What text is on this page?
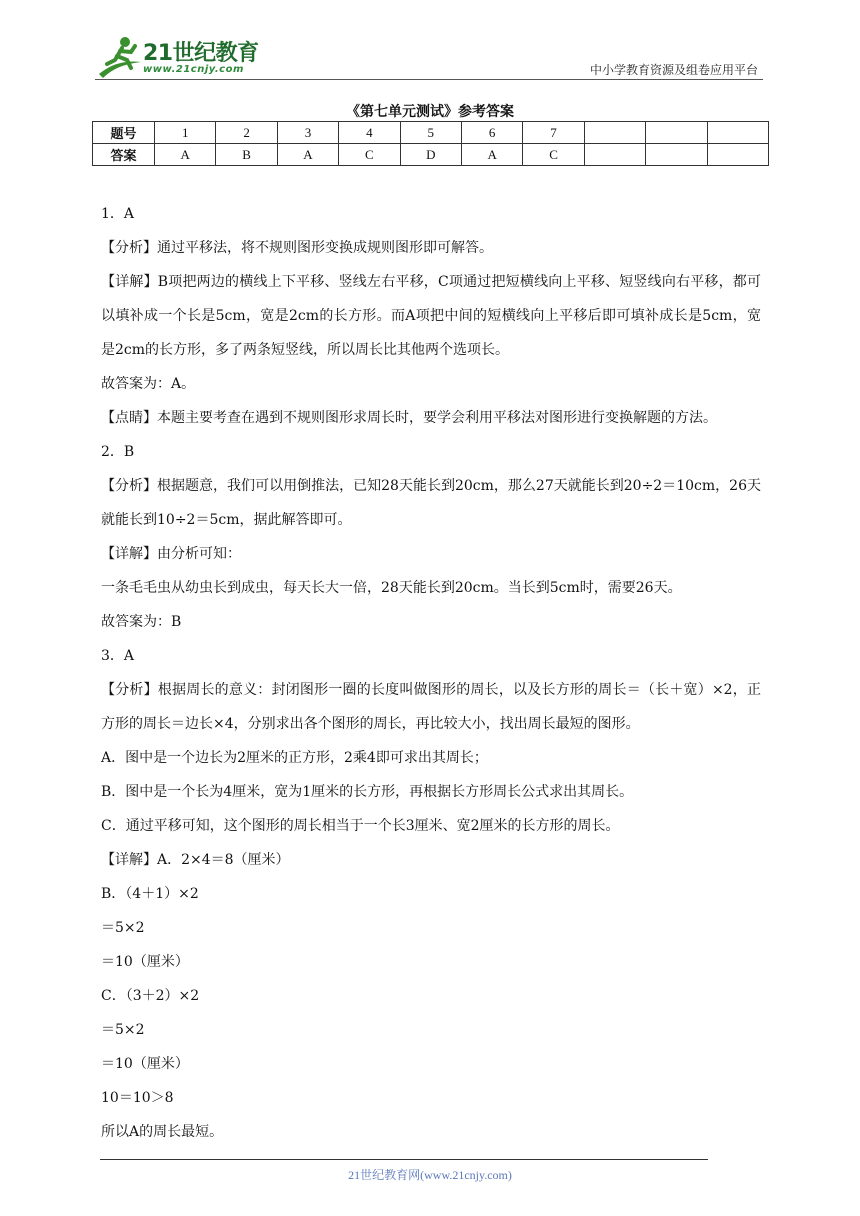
21世纪教育
www.21cnjy.com	中小学教育资源及组卷应用平台
《第七单元测试》参考答案
题号	1	2	3	4	5	6	7			
答案	A	B	A	C	D	A	C			

1．A

【分析】通过平移法，将不规则图形变换成规则图形即可解答。

【详解】B项把两边的横线上下平移、竖线左右平移，C项通过把短横线向上平移、短竖线向右平移，都可以填补成一个长是5cm，宽是2cm的长方形。而A项把中间的短横线向上平移后即可填补成长是5cm，宽是2cm的长方形，多了两条短竖线，所以周长比其他两个选项长。

故答案为：A。

【点睛】本题主要考查在遇到不规则图形求周长时，要学会利用平移法对图形进行变换解题的方法。

2．B

【分析】根据题意，我们可以用倒推法，已知28天能长到20cm，那么27天就能长到20÷2＝10cm，26天就能长到10÷2＝5cm，据此解答即可。

【详解】由分析可知：

一条毛毛虫从幼虫长到成虫，每天长大一倍，28天能长到20cm。当长到5cm时，需要26天。

故答案为：B

3．A

【分析】根据周长的意义：封闭图形一圈的长度叫做图形的周长，以及长方形的周长＝（长＋宽）×2，正方形的周长＝边长×4，分别求出各个图形的周长，再比较大小，找出周长最短的图形。

A．图中是一个边长为2厘米的正方形，2乘4即可求出其周长；

B．图中是一个长为4厘米，宽为1厘米的长方形，再根据长方形周长公式求出其周长。

C．通过平移可知，这个图形的周长相当于一个长3厘米、宽2厘米的长方形的周长。

【详解】A．2×4＝8（厘米）

B．（4＋1）×2

＝5×2

＝10（厘米）

C．（3＋2）×2

＝5×2

＝10（厘米）

10＝10＞8

所以A的周长最短。

21世纪教育网(www.21cnjy.com)
